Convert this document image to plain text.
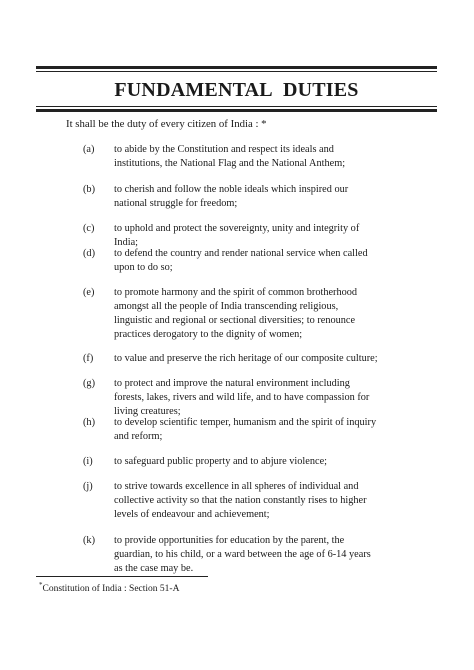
FUNDAMENTAL DUTIES
It shall be the duty of every citizen of India : *
(a) to abide by the Constitution and respect its ideals and institutions, the National Flag and the National Anthem;
(b) to cherish and follow the noble ideals which inspired our national struggle for freedom;
(c) to uphold and protect the sovereignty, unity and integrity of India;
(d) to defend the country and render national service when called upon to do so;
(e) to promote harmony and the spirit of common brotherhood amongst all the people of India transcending religious, linguistic and regional or sectional diversities; to renounce practices derogatory to the dignity of women;
(f) to value and preserve the rich heritage of our composite culture;
(g) to protect and improve the natural environment including forests, lakes, rivers and wild life, and to have compassion for living creatures;
(h) to develop scientific temper, humanism and the spirit of inquiry and reform;
(i) to safeguard public property and to abjure violence;
(j) to strive towards excellence in all spheres of individual and collective activity so that the nation constantly rises to higher levels of endeavour and achievement;
(k) to provide opportunities for education by the parent, the guardian, to his child, or a ward between the age of 6-14 years as the case may be.
*Constitution of India : Section 51-A
